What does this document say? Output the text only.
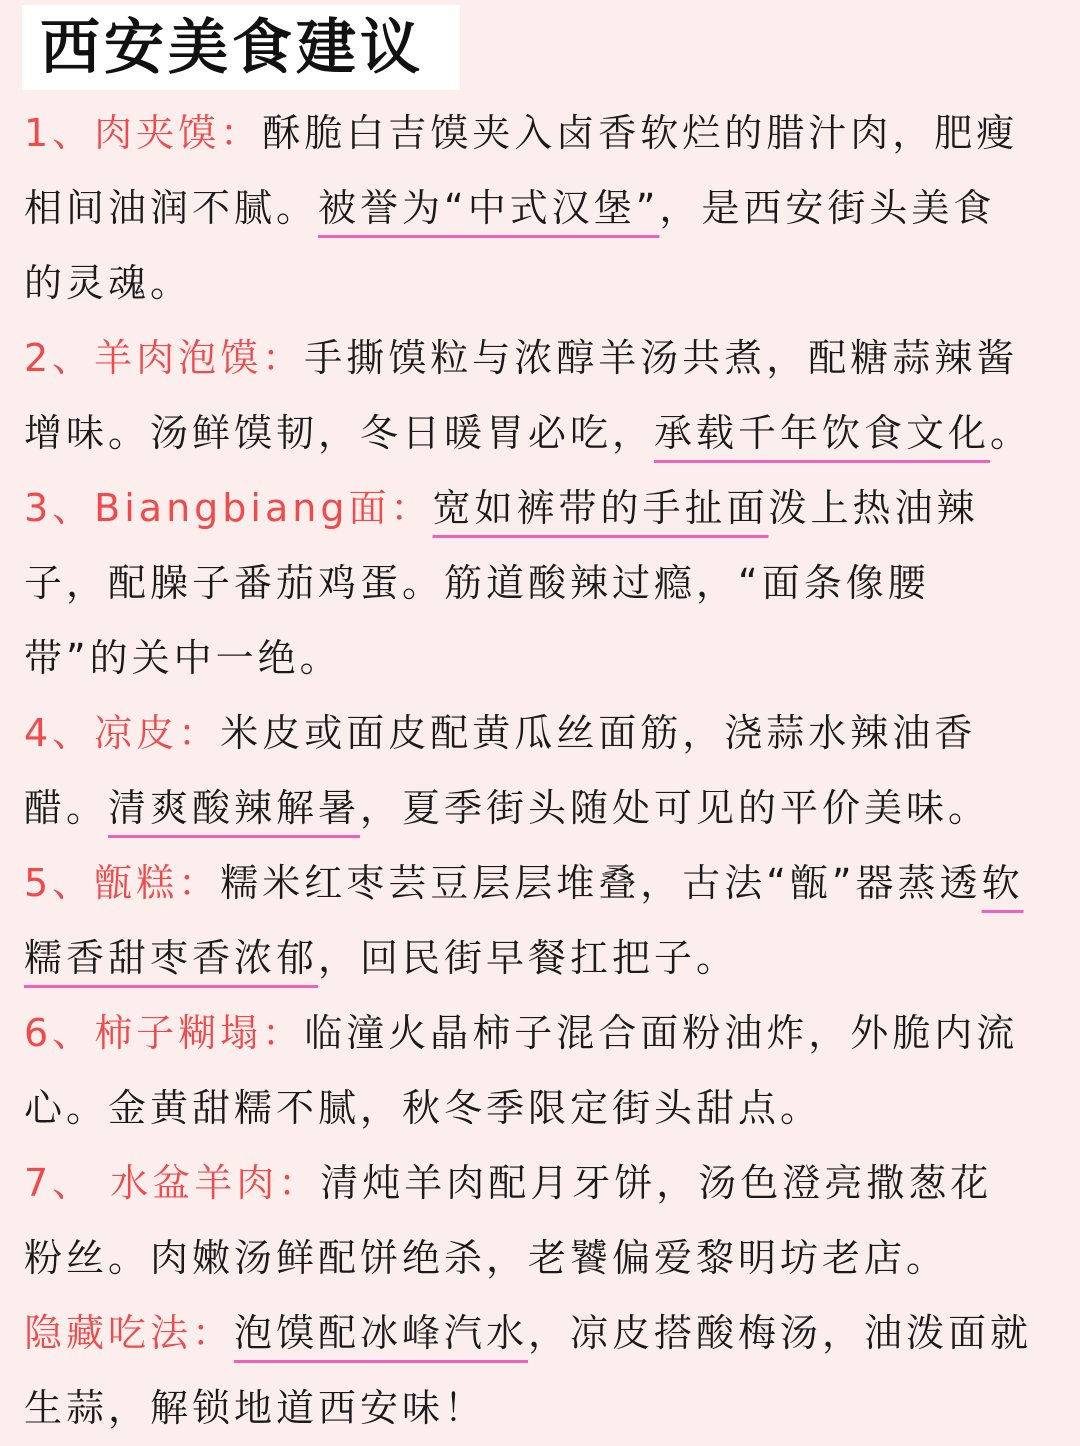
西安美食建议

1、肉夹馍：酥脆白吉馍夹入卤香软烂的腊汁肉，肥瘦相间油润不腻。被誉为“中式汉堡”，是西安街头美食的灵魂。

2、羊肉泡馍：手撕馍粒与浓醇羊汤共煮，配糖蒜辣酱增味。汤鲜馍韧，冬日暖胃必吃，承载千年饮食文化。

3、Biangbiang面：宽如裤带的手扯面泼上热油辣子，配臊子番茄鸡蛋。筋道酸辣过瘾，“面条像腰带”的关中一绝。

4、凉皮：米皮或面皮配黄瓜丝面筋，浇蒜水辣油香醋。清爽酸辣解暑，夏季街头随处可见的平价美味。

5、甑糕：糯米红枣芸豆层层堆叠，古法“甑”器蒸透软糯香甜枣香浓郁，回民街早餐扛把子。

6、柿子糊塌：临潼火晶柿子混合面粉油炸，外脆内流心。金黄甜糯不腻，秋冬季限定街头甜点。

7、 水盆羊肉：清炖羊肉配月牙饼，汤色澄亮撒葱花粉丝。肉嫩汤鲜配饼绝杀，老饕偏爱黎明坊老店。

隐藏吃法：泡馍配冰峰汽水，凉皮搭酸梅汤，油泼面就生蒜，解锁地道西安味！
